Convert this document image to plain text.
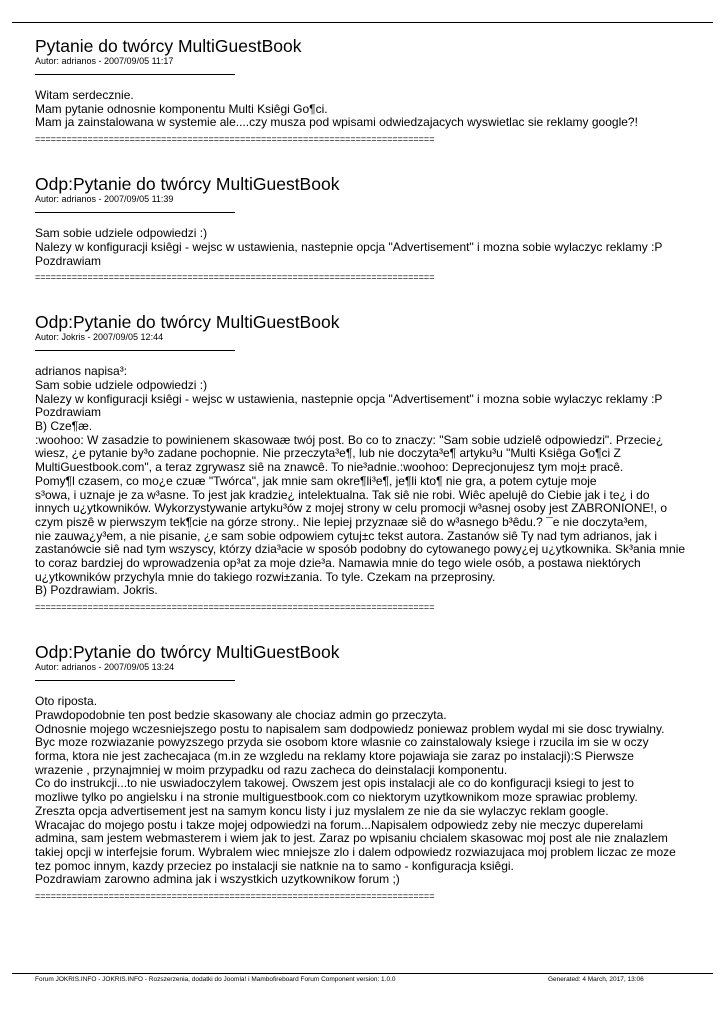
Pytanie do twórcy MultiGuestBook
Autor: adrianos - 2007/09/05 11:17
Witam serdecznie.
Mam pytanie odnosnie komponentu Multi Ksiêgi Go¶ci.
Mam ja zainstalowana w systemie ale....czy musza pod wpisami odwiedzajacych wyswietlac sie reklamy google?!
============================================================================
Odp:Pytanie do twórcy MultiGuestBook
Autor: adrianos - 2007/09/05 11:39
Sam sobie udziele odpowiedzi :)
Nalezy w konfiguracji ksiêgi - wejsc w ustawienia, nastepnie opcja "Advertisement" i mozna sobie wylaczyc reklamy :P
Pozdrawiam
============================================================================
Odp:Pytanie do twórcy MultiGuestBook
Autor: Jokris - 2007/09/05 12:44
adrianos napisa³:
Sam sobie udziele odpowiedzi :)
Nalezy w konfiguracji ksiêgi - wejsc w ustawienia, nastepnie opcja "Advertisement" i mozna sobie wylaczyc reklamy :P
Pozdrawiam
B) Cze¶æ.
:woohoo: W zasadzie to powinienem skasowaæ twój post. Bo co to znaczy: "Sam sobie udzielê odpowiedzi". Przecie¿
wiesz, ¿e pytanie by³o zadane pochopnie. Nie przeczyta³e¶, lub nie doczyta³e¶ artyku³u "Multi Ksiêga Go¶ci Z
MultiGuestbook.com", a teraz zgrywasz siê na znawcê. To nie³adnie.:woohoo: Deprecjonujesz tym moj± pracê.
Pomy¶l czasem, co mo¿e czuæ "Twórca", jak mnie sam okre¶li³e¶, je¶li kto¶ nie gra, a potem cytuje moje
s³owa, i uznaje je za w³asne. To jest jak kradzie¿ intelektualna. Tak siê nie robi. Wiêc apelujê do Ciebie jak i te¿ i do
innych u¿ytkowników. Wykorzystywanie artyku³ów z mojej strony w celu promocji w³asnej osoby jest ZABRONIONE!, o
czym piszê w pierwszym tek¶cie na górze strony.. Nie lepiej przyznaæ siê do w³asnego b³êdu.? ¯e nie doczyta³em,
nie zauwa¿y³em, a nie pisanie, ¿e sam sobie odpowiem cytuj±c tekst autora. Zastanów siê Ty nad tym adrianos, jak i
zastanówcie siê nad tym wszyscy, którzy dzia³acie w sposób podobny do cytowanego powy¿ej u¿ytkownika. Sk³ania mnie
to coraz bardziej do wprowadzenia op³at za moje dzie³a. Namawia mnie do tego wiele osób, a postawa niektórych
u¿ytkowników przychyla mnie do takiego rozwi±zania. To tyle. Czekam na przeprosiny.
B) Pozdrawiam. Jokris.
============================================================================
Odp:Pytanie do twórcy MultiGuestBook
Autor: adrianos - 2007/09/05 13:24
Oto riposta.
Prawdopodobnie ten post bedzie skasowany ale chociaz admin go przeczyta.
Odnosnie mojego wczesniejszego postu to napisalem sam dodpowiedz poniewaz problem wydal mi sie dosc trywialny.
Byc moze rozwiazanie powyzszego przyda sie osobom ktore wlasnie co zainstalowaly ksiege i rzucila im sie w oczy
forma, ktora nie jest zachecajaca (m.in ze wzgledu na reklamy ktore pojawiaja sie zaraz po instalacji):S Pierwsze
wrazenie , przynajmniej w moim przypadku od razu zacheca do deinstalacji komponentu.
Co do instrukcji...to nie uswiadoczylem takowej. Owszem jest opis instalacji ale co do konfiguracji ksiegi to jest to
mozliwe tylko po angielsku i na stronie multiguestbook.com co niektorym uzytkownikom moze sprawiac problemy.
Zreszta opcja advertisement jest na samym koncu listy i juz myslalem ze nie da sie wylaczyc reklam google.
Wracajac do mojego postu i takze mojej odpowiedzi na forum...Napisalem odpowiedz zeby nie meczyc duperelami
admina, sam jestem webmasterem i wiem jak to jest. Zaraz po wpisaniu chcialem skasowac moj post ale nie znalazlem
takiej opcji w interfejsie forum. Wybralem wiec mniejsze zlo i dalem odpowiedz rozwiazujaca moj problem liczac ze moze
tez pomoc innym, kazdy przeciez po instalacji sie natknie na to samo - konfiguracja ksiêgi.
Pozdrawiam zarowno admina jak i wszystkich uzytkownikow forum ;)
============================================================================
Forum JOKRIS.INFO - JOKRIS.INFO - Rozszerzenia, dodatki do Joomla! i Mambofireboard Forum Component version: 1.0.0	Generated: 4 March, 2017, 13:06
